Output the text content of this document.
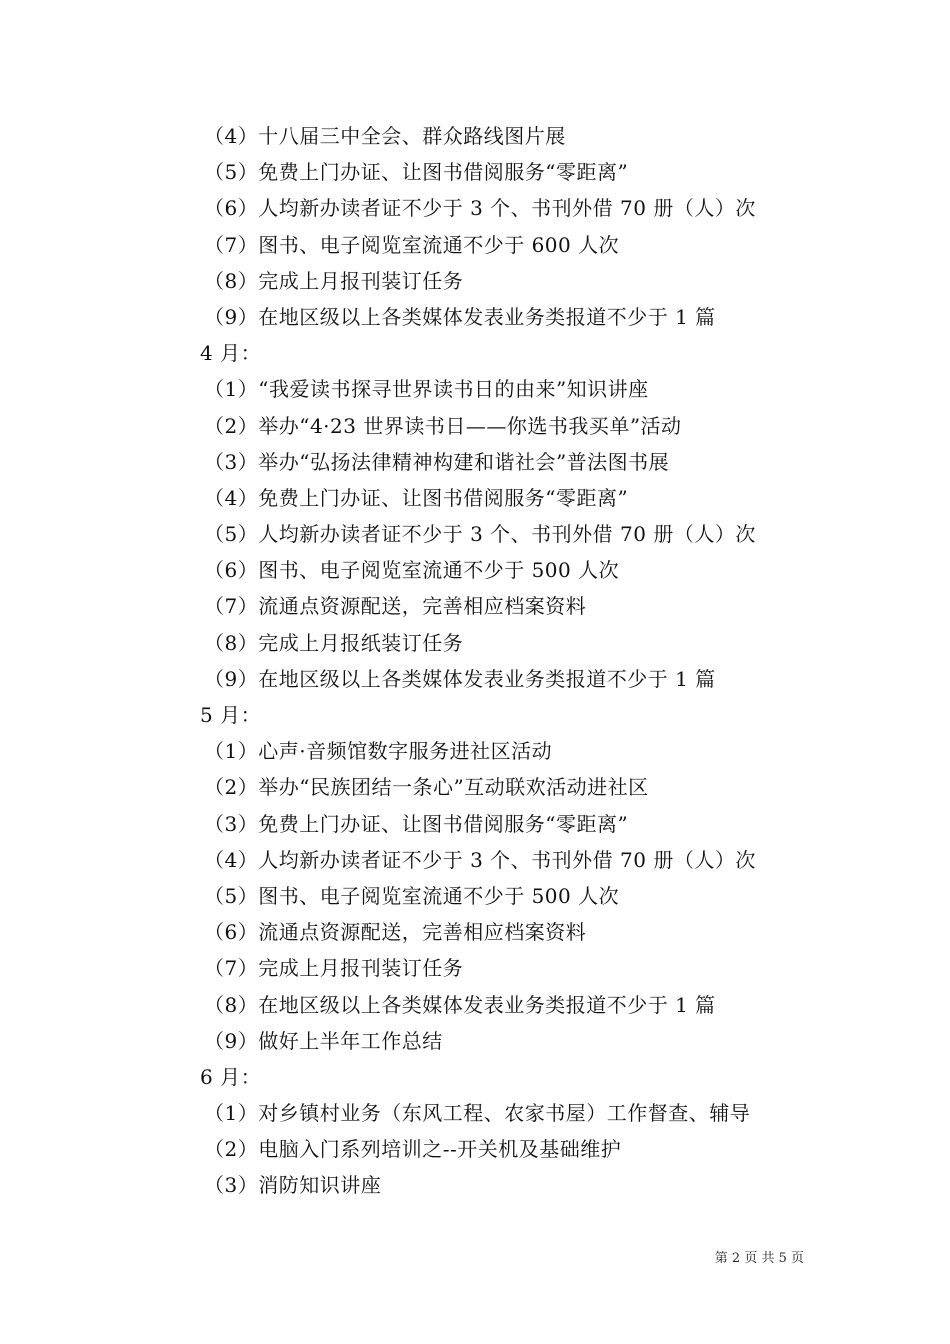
（4）十八届三中全会、群众路线图片展
（5）免费上门办证、让图书借阅服务“零距离”
（6）人均新办读者证不少于 3 个、书刊外借 70 册（人）次
（7）图书、电子阅览室流通不少于 600 人次
（8）完成上月报刊装订任务
（9）在地区级以上各类媒体发表业务类报道不少于 1 篇
4 月：
（1）“我爱读书探寻世界读书日的由来”知识讲座
（2）举办“4·23 世界读书日——你选书我买单”活动
（3）举办“弘扬法律精神构建和谐社会”普法图书展
（4）免费上门办证、让图书借阅服务“零距离”
（5）人均新办读者证不少于 3 个、书刊外借 70 册（人）次
（6）图书、电子阅览室流通不少于 500 人次
（7）流通点资源配送，完善相应档案资料
（8）完成上月报纸装订任务
（9）在地区级以上各类媒体发表业务类报道不少于 1 篇
5 月：
（1）心声·音频馆数字服务进社区活动
（2）举办“民族团结一条心”互动联欢活动进社区
（3）免费上门办证、让图书借阅服务“零距离”
（4）人均新办读者证不少于 3 个、书刊外借 70 册（人）次
（5）图书、电子阅览室流通不少于 500 人次
（6）流通点资源配送，完善相应档案资料
（7）完成上月报刊装订任务
（8）在地区级以上各类媒体发表业务类报道不少于 1 篇
（9）做好上半年工作总结
6 月：
（1）对乡镇村业务（东风工程、农家书屋）工作督查、辅导
（2）电脑入门系列培训之--开关机及基础维护
（3）消防知识讲座
第 2 页 共 5 页
